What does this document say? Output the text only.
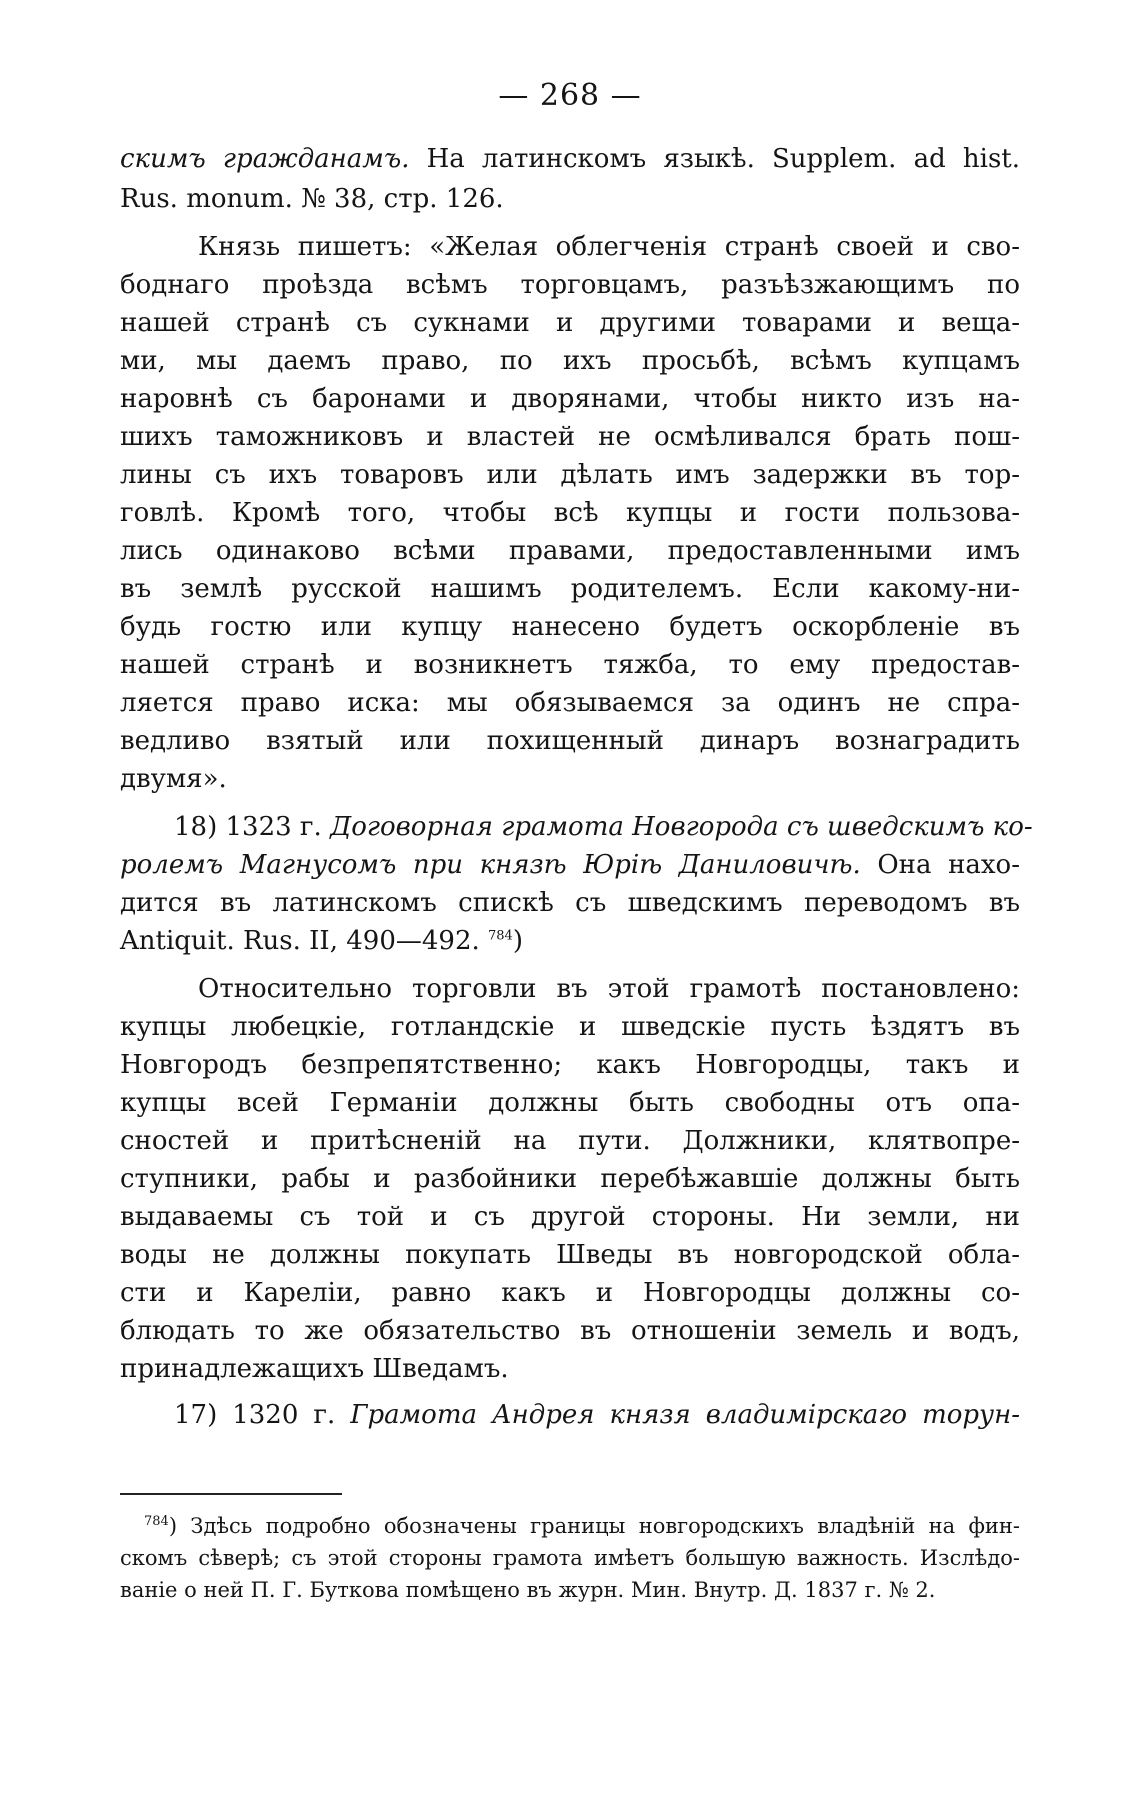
— 268 —
скимъ гражданамъ. На латинскомъ языкѣ. Supplem. ad hist.
Rus. monum. № 38, стр. 126.
Князь пишетъ: «Желая облегченія странѣ своей и сво-
боднаго проѣзда всѣмъ торговцамъ, разъѣзжающимъ по
нашей странѣ съ сукнами и другими товарами и веща-
ми, мы даемъ право, по ихъ просьбѣ, всѣмъ купцамъ
наровнѣ съ баронами и дворянами, чтобы никто изъ на-
шихъ таможниковъ и властей не осмѣливался брать пош-
лины съ ихъ товаровъ или дѣлать имъ задержки въ тор-
говлѣ. Кромѣ того, чтобы всѣ купцы и гости пользова-
лись одинаково всѣми правами, предоставленными имъ
въ землѣ русской нашимъ родителемъ. Если какому-ни-
будь гостю или купцу нанесено будетъ оскорбленіе въ
нашей странѣ и возникнетъ тяжба, то ему предостав-
ляется право иска: мы обязываемся за одинъ не спра-
ведливо взятый или похищенный динаръ вознаградить
двумя».
18) 1323 г. Договорная грамота Новгорода съ шведскимъ ко-
ролемъ Магнусомъ при князѣ Юріѣ Даниловичѣ. Она нахо-
дится въ латинскомъ спискѣ съ шведскимъ переводомъ въ
Antiquit. Rus. II, 490—492. $^{784}$)
Относительно торговли въ этой грамотѣ постановлено:
купцы любецкіе, готландскіе и шведскіе пусть ѣздятъ въ
Новгородъ безпрепятственно; какъ Новгородцы, такъ и
купцы всей Германіи должны быть свободны отъ опа-
сностей и притѣсненій на пути. Должники, клятвопре-
ступники, рабы и разбойники перебѣжавшіе должны быть
выдаваемы съ той и съ другой стороны. Ни земли, ни
воды не должны покупать Шведы въ новгородской обла-
сти и Кареліи, равно какъ и Новгородцы должны со-
блюдать то же обязательство въ отношеніи земель и водъ,
принадлежащихъ Шведамъ.
17) 1320 г. Грамота Андрея князя владимірскаго торун-
$^{784}$) Здѣсь подробно обозначены границы новгородскихъ владѣній на фин-
скомъ сѣверѣ; съ этой стороны грамота имѣетъ большую важность. Изслѣдо-
ваніе о ней П. Г. Буткова помѣщено въ журн. Мин. Внутр. Д. 1837 г. № 2.
